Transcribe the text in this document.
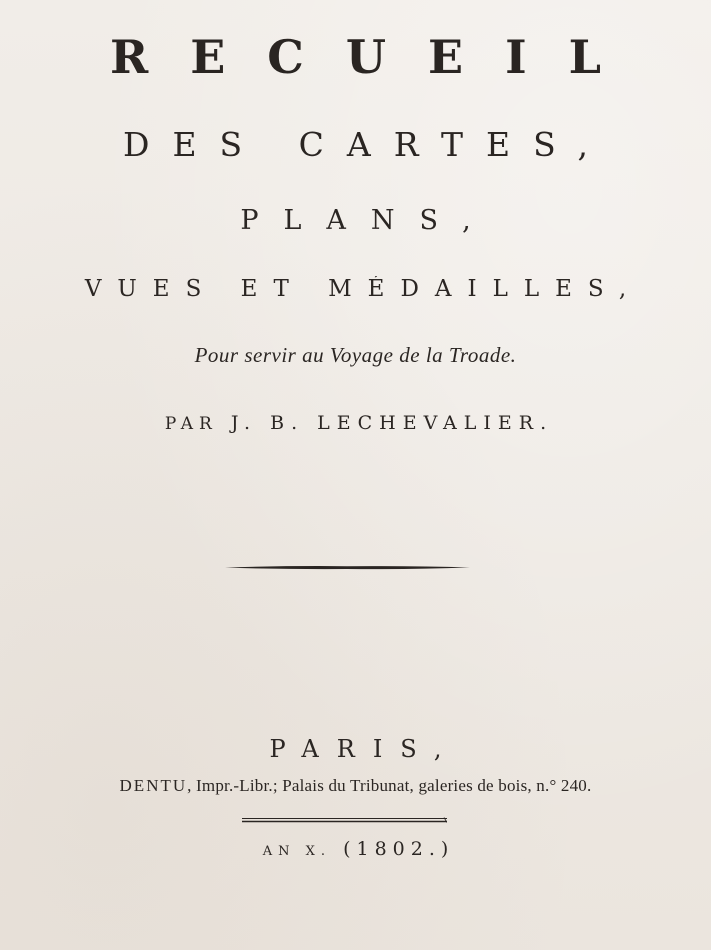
RECUEIL
DES CARTES,
PLANS,
VUES ET MÉDAILLES,
Pour servir au Voyage de la Troade.
PAR J. B. LECHEVALIER.
PARIS,
DENTU, Impr.-Libr.; Palais du Tribunat, galeries de bois, n.° 240.
AN X. (1802.)
